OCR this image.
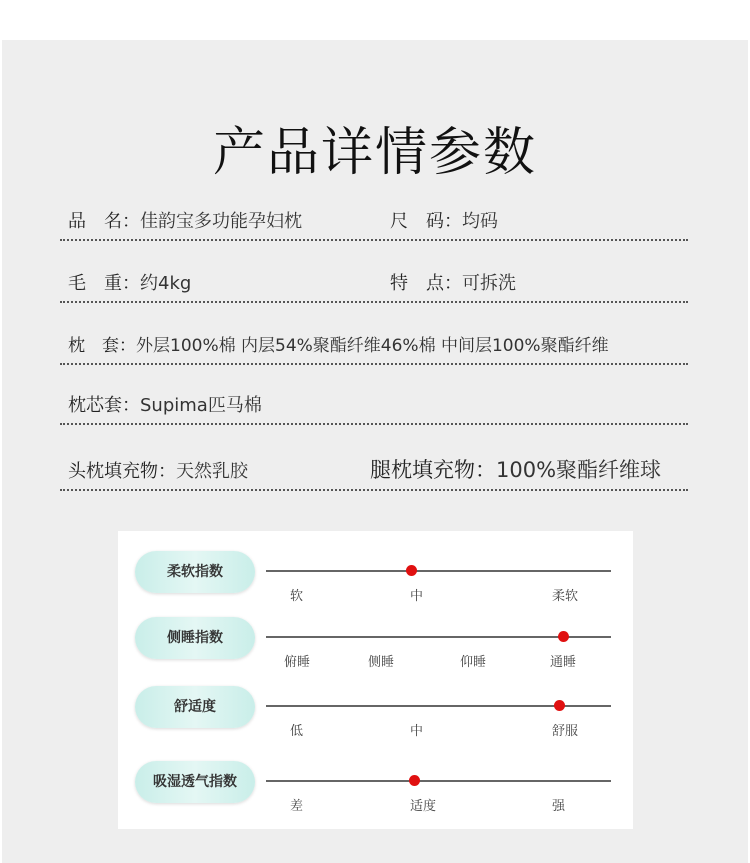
产品详情参数
品　名：佳韵宝多功能孕妇枕	尺　码：均码
毛　重：约4kg	特　点：可拆洗
枕　套：外层100%棉 内层54%聚酯纤维46%棉 中间层100%聚酯纤维
枕芯套：Supima匹马棉
头枕填充物：天然乳胶	腿枕填充物：100%聚酯纤维球
柔软指数
软	中	柔软
侧睡指数
俯睡	侧睡	仰睡	通睡
舒适度
低	中	舒服
吸湿透气指数
差	适度	强
